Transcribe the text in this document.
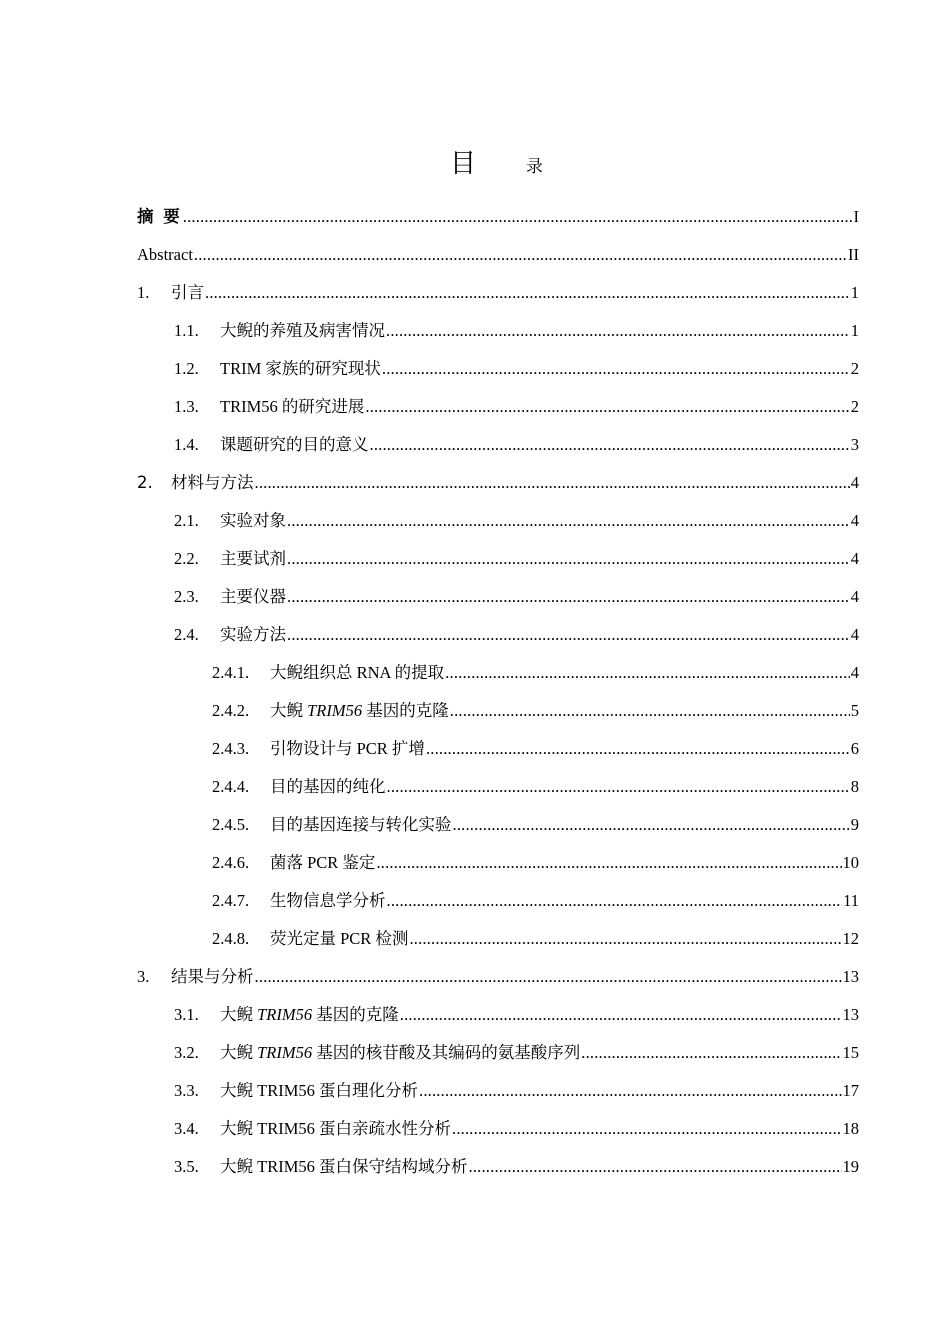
目	录
摘 要 .....	I
Abstract .....	II
1.	引言 .....	1
1.1.	大鲵的养殖及病害情况 .....	1
1.2.	TRIM 家族的研究现状 .....	2
1.3.	TRIM56 的研究进展 .....	2
1.4.	课题研究的目的意义 .....	3
2.	材料与方法 .....	4
2.1.	实验对象 .....	4
2.2.	主要试剂 .....	4
2.3.	主要仪器 .....	4
2.4.	实验方法 .....	4
2.4.1.	大鲵组织总 RNA 的提取 .....	4
2.4.2.	大鲵 TRIM56 基因的克隆 .....	5
2.4.3.	引物设计与 PCR 扩增 .....	6
2.4.4.	目的基因的纯化 .....	8
2.4.5.	目的基因连接与转化实验 .....	9
2.4.6.	菌落 PCR 鉴定 .....	10
2.4.7.	生物信息学分析 .....	11
2.4.8.	荧光定量 PCR 检测 .....	12
3.	结果与分析 .....	13
3.1.	大鲵 TRIM56 基因的克隆 .....	13
3.2.	大鲵 TRIM56 基因的核苷酸及其编码的氨基酸序列 .....	15
3.3.	大鲵 TRIM56 蛋白理化分析 .....	17
3.4.	大鲵 TRIM56 蛋白亲疏水性分析 .....	18
3.5.	大鲵 TRIM56 蛋白保守结构域分析 .....	19
